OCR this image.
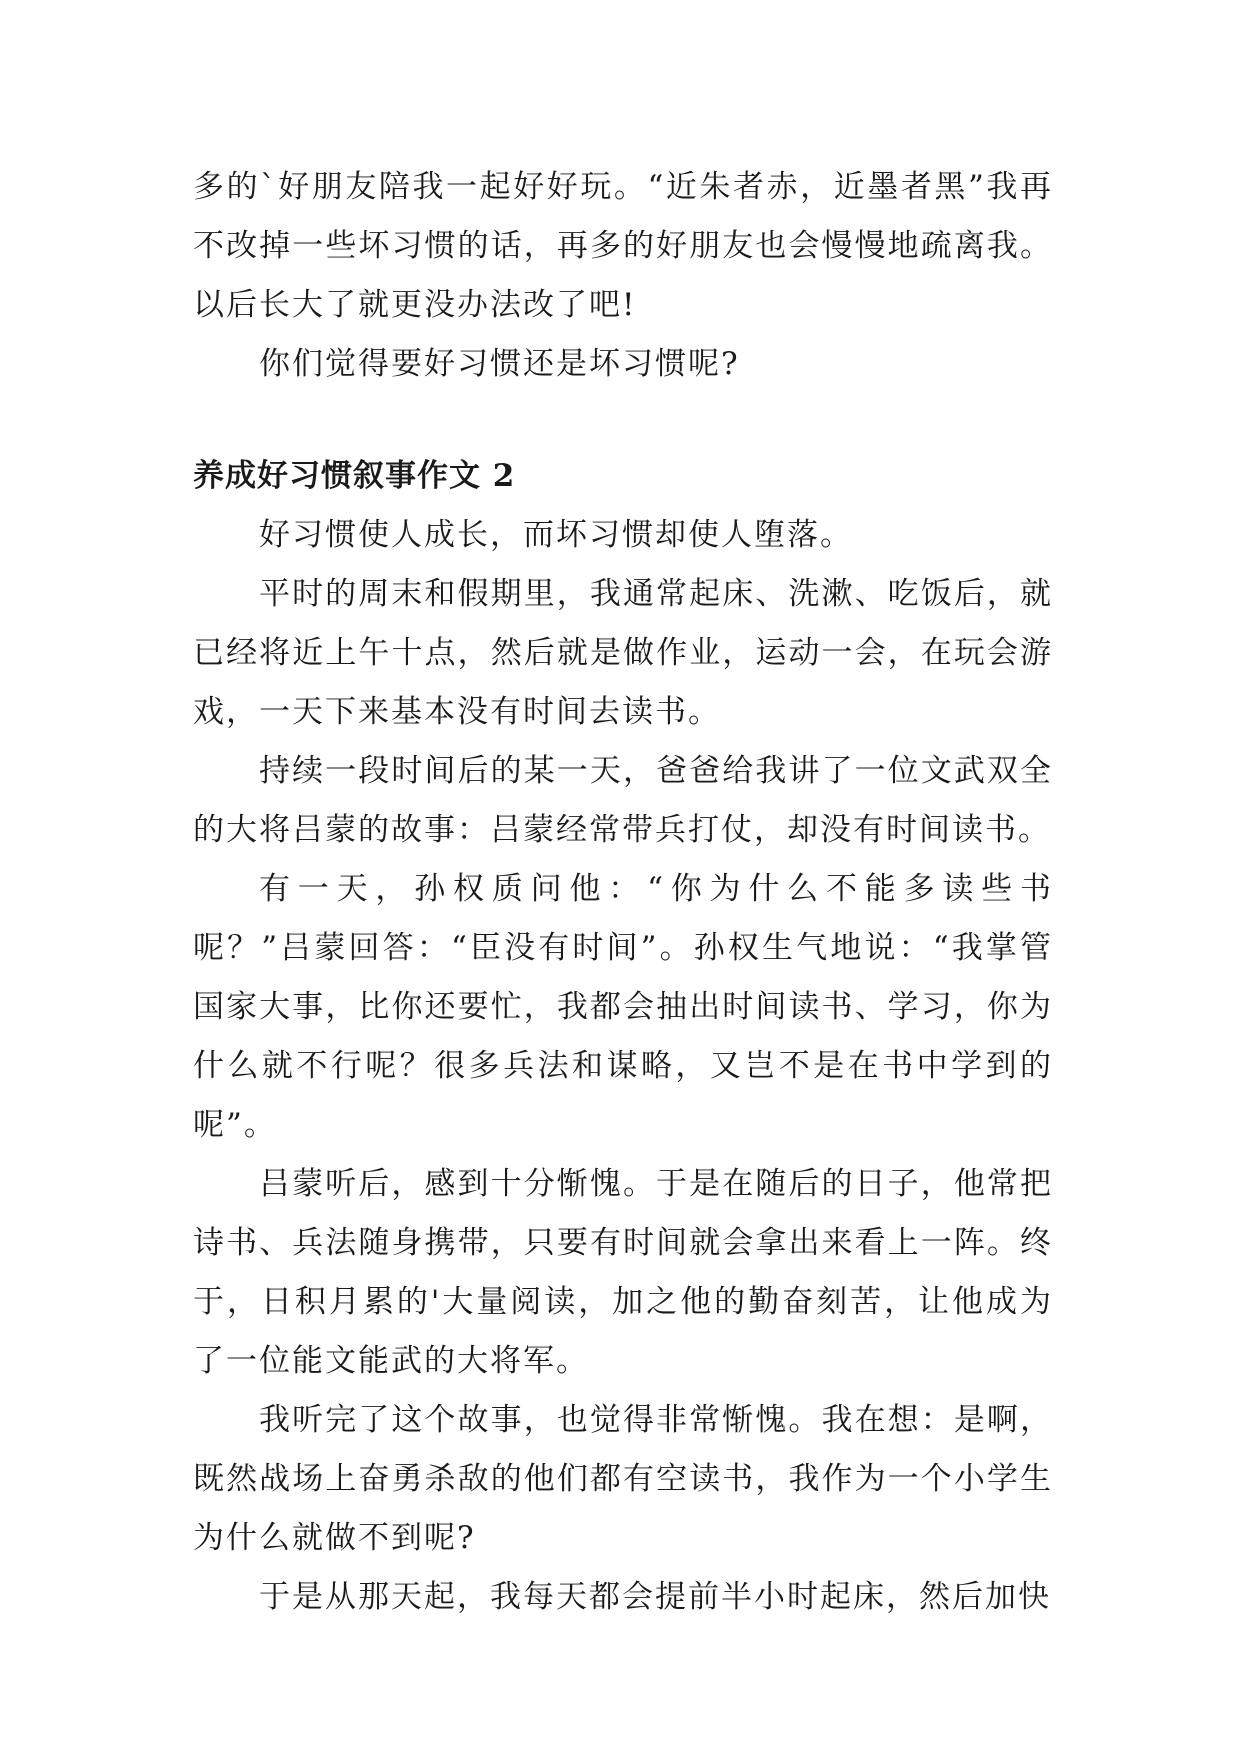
多的`好朋友陪我一起好好玩。“近朱者赤，近墨者黑”我再不改掉一些坏习惯的话，再多的好朋友也会慢慢地疏离我。以后长大了就更没办法改了吧!

你们觉得要好习惯还是坏习惯呢?

养成好习惯叙事作文 2

好习惯使人成长，而坏习惯却使人堕落。

平时的周末和假期里，我通常起床、洗漱、吃饭后，就已经将近上午十点，然后就是做作业，运动一会，在玩会游戏，一天下来基本没有时间去读书。

持续一段时间后的某一天，爸爸给我讲了一位文武双全的大将吕蒙的故事：吕蒙经常带兵打仗，却没有时间读书。

有一天，孙权质问他：“你为什么不能多读些书呢？”吕蒙回答：“臣没有时间”。孙权生气地说：“我掌管国家大事，比你还要忙，我都会抽出时间读书、学习，你为什么就不行呢？很多兵法和谋略，又岂不是在书中学到的呢”。

吕蒙听后，感到十分惭愧。于是在随后的日子，他常把诗书、兵法随身携带，只要有时间就会拿出来看上一阵。终于，日积月累的'大量阅读，加之他的勤奋刻苦，让他成为了一位能文能武的大将军。

我听完了这个故事，也觉得非常惭愧。我在想：是啊，既然战场上奋勇杀敌的他们都有空读书，我作为一个小学生为什么就做不到呢?

于是从那天起，我每天都会提前半小时起床，然后加快
